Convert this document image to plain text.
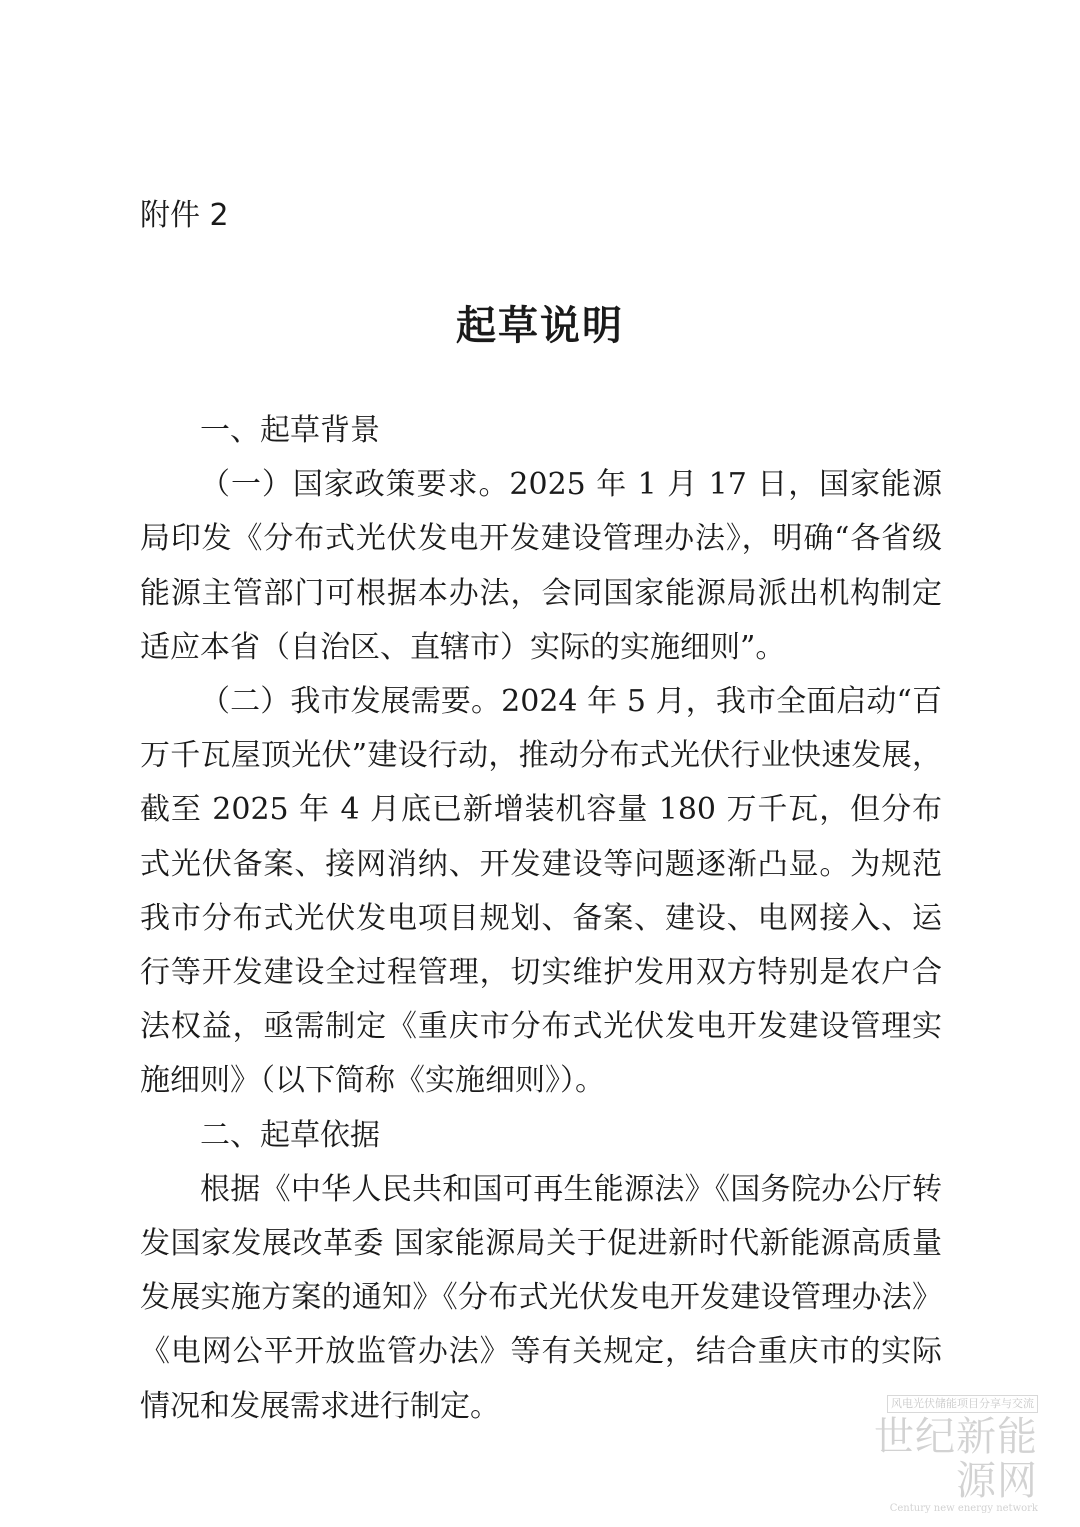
附件 2
起草说明

一、起草背景

（一）国家政策要求。2025 年 1 月 17 日，国家能源局印发《分布式光伏发电开发建设管理办法》，明确“各省级能源主管部门可根据本办法，会同国家能源局派出机构制定适应本省（自治区、直辖市）实际的实施细则”。

（二）我市发展需要。2024 年 5 月，我市全面启动“百万千瓦屋顶光伏”建设行动，推动分布式光伏行业快速发展，截至 2025 年 4 月底已新增装机容量 180 万千瓦，但分布式光伏备案、接网消纳、开发建设等问题逐渐凸显。为规范我市分布式光伏发电项目规划、备案、建设、电网接入、运行等开发建设全过程管理，切实维护发用双方特别是农户合法权益，亟需制定《重庆市分布式光伏发电开发建设管理实施细则》（以下简称《实施细则》）。

二、起草依据

根据《中华人民共和国可再生能源法》《国务院办公厅转发国家发展改革委 国家能源局关于促进新时代新能源高质量发展实施方案的通知》《分布式光伏发电开发建设管理办法》《电网公平开放监管办法》等有关规定，结合重庆市的实际情况和发展需求进行制定。	风电光伏储能项目分享与交流
世纪新能源网
Century new energy network
